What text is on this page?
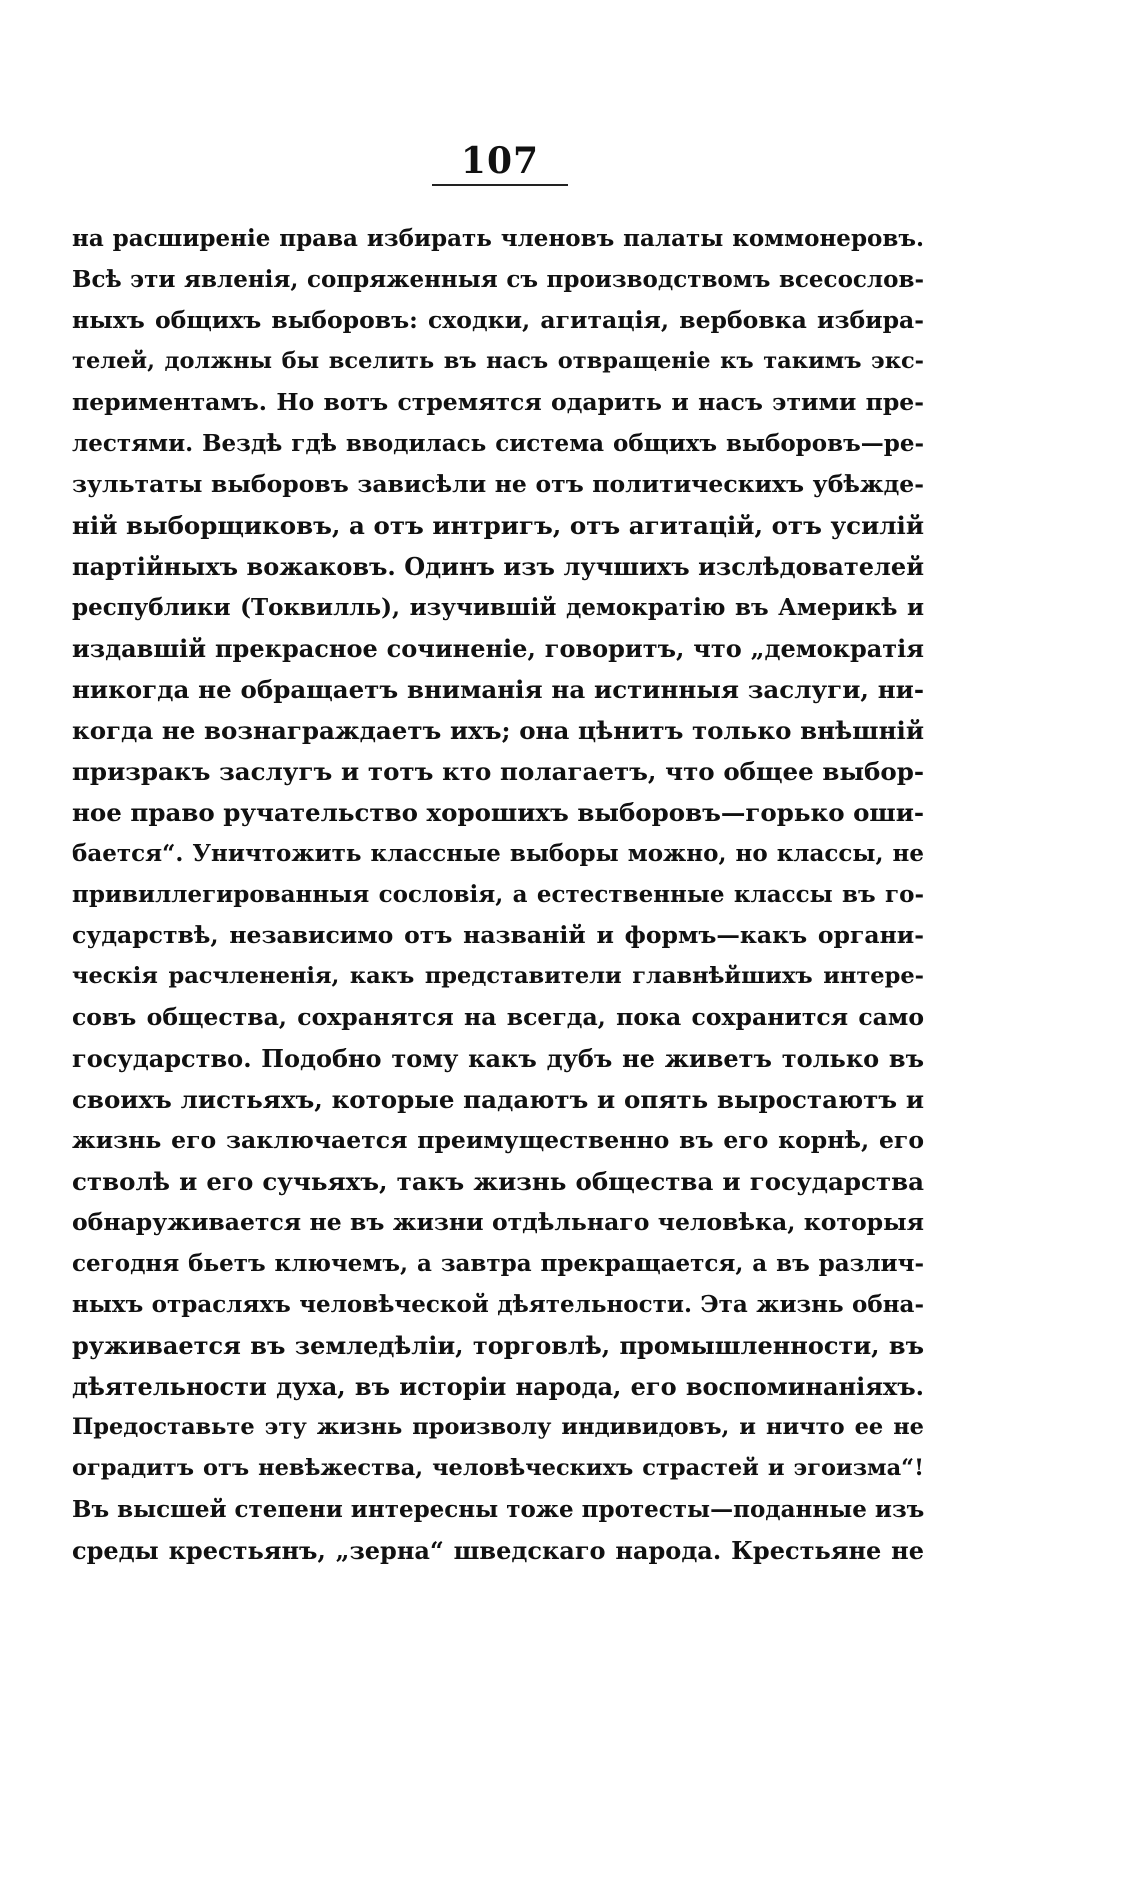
107
на расширеніе права избирать членовъ палаты коммонеровъ.
Всѣ эти явленія, сопряженныя съ производствомъ всесослов-
ныхъ общихъ выборовъ: сходки, агитація, вербовка избира-
телей, должны бы вселить въ насъ отвращеніе къ такимъ экс-
периментамъ. Но вотъ стремятся одарить и насъ этими пре-
лестями. Вездѣ гдѣ вводилась система общихъ выборовъ—ре-
зультаты выборовъ зависѣли не отъ политическихъ убѣжде-
ній выборщиковъ, а отъ интригъ, отъ агитацій, отъ усилій
партійныхъ вожаковъ. Одинъ изъ лучшихъ изслѣдователей
республики (Токвилль), изучившій демократію въ Америкѣ и
издавшій прекрасное сочиненіе, говоритъ, что „демократія
никогда не обращаетъ вниманія на истинныя заслуги, ни-
когда не вознаграждаетъ ихъ; она цѣнитъ только внѣшній
призракъ заслугъ и тотъ кто полагаетъ, что общее выбор-
ное право ручательство хорошихъ выборовъ—горько оши-
бается“. Уничтожить классные выборы можно, но классы, не
привиллегированныя сословія, а естественные классы въ го-
сударствѣ, независимо отъ названій и формъ—какъ органи-
ческія расчлененія, какъ представители главнѣйшихъ интере-
совъ общества, сохранятся на всегда, пока сохранится само
государство. Подобно тому какъ дубъ не живетъ только въ
своихъ листьяхъ, которые падаютъ и опять выростаютъ и
жизнь его заключается преимущественно въ его корнѣ, его
стволѣ и его сучьяхъ, такъ жизнь общества и государства
обнаруживается не въ жизни отдѣльнаго человѣка, которыя
сегодня бьетъ ключемъ, а завтра прекращается, а въ различ-
ныхъ отрасляхъ человѣческой дѣятельности. Эта жизнь обна-
руживается въ земледѣліи, торговлѣ, промышленности, въ
дѣятельности духа, въ исторіи народа, его воспоминаніяхъ.
Предоставьте эту жизнь произволу индивидовъ, и ничто ее не
оградитъ отъ невѣжества, человѣческихъ страстей и эгоизма“!
Въ высшей степени интересны тоже протесты—поданные изъ
среды крестьянъ, „зерна“ шведскаго народа. Крестьяне не
